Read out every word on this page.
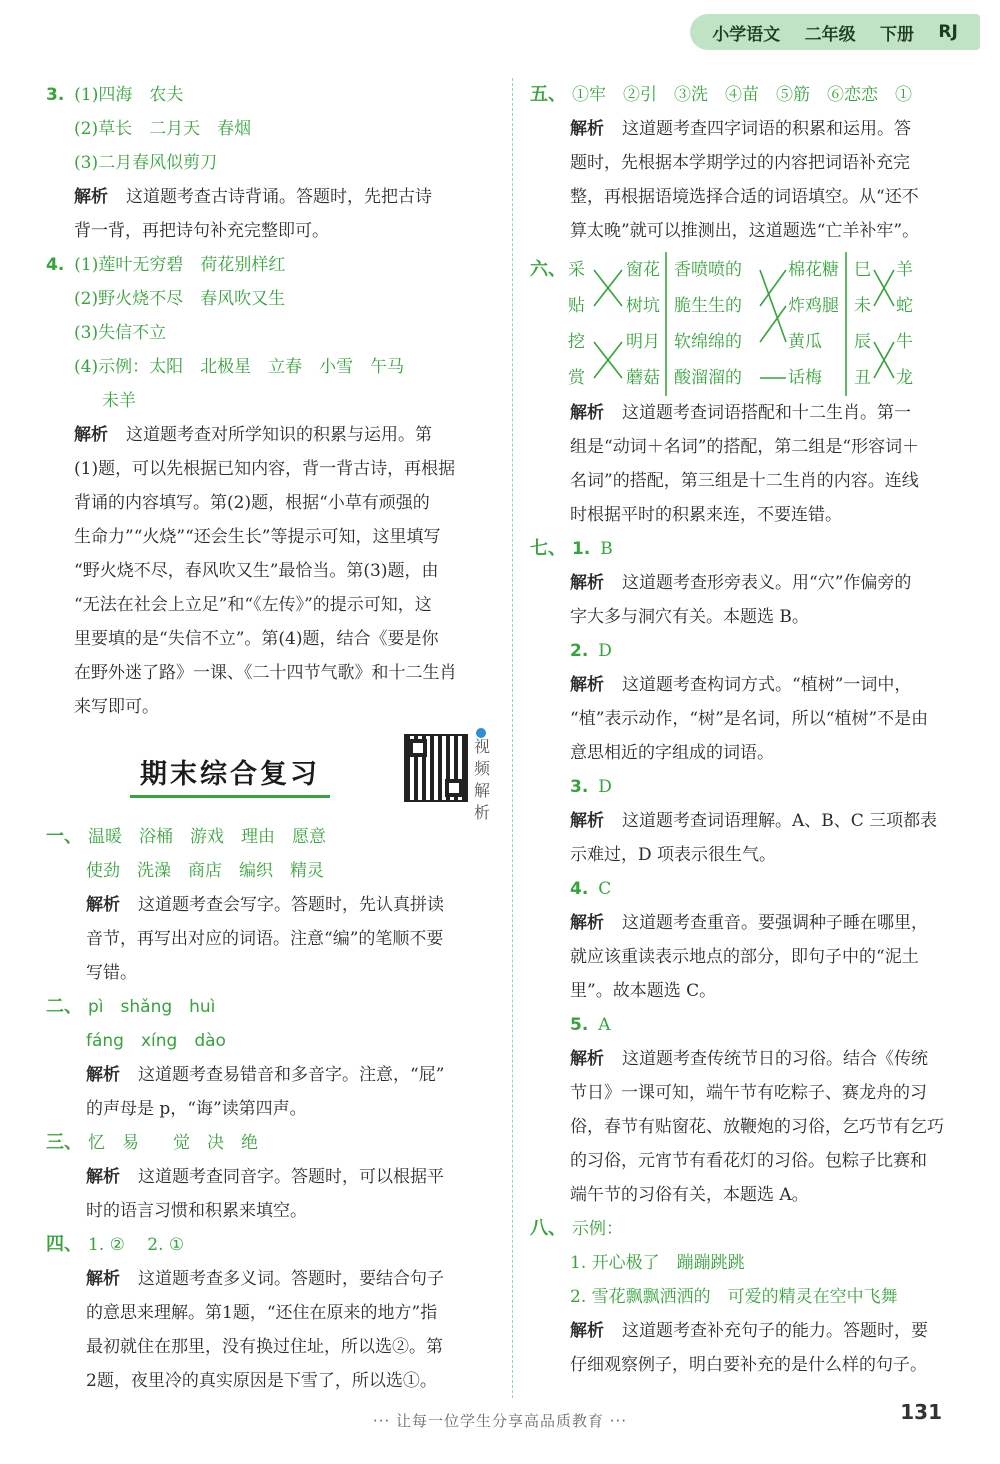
小学语文 二年级 下册 RJ
3. (1)四海　农夫
(2)草长　二月天　春烟
(3)二月春风似剪刀
解析 这道题考查古诗背诵。答题时，先把古诗
背一背，再把诗句补充完整即可。
4. (1)莲叶无穷碧　荷花别样红
(2)野火烧不尽　春风吹又生
(3)失信不立
(4)示例：太阳　北极星　立春　小雪　午马
未羊
解析 这道题考查对所学知识的积累与运用。第
(1)题，可以先根据已知内容，背一背古诗，再根据
背诵的内容填写。第(2)题，根据“小草有顽强的
生命力”“火烧”“还会生长”等提示可知，这里填写
“野火烧不尽，春风吹又生”最恰当。第(3)题，由
“无法在社会上立足”和“《左传》”的提示可知，这
里要填的是“失信不立”。第(4)题，结合《要是你
在野外迷了路》一课、《二十四节气歌》和十二生肖
来写即可。
期末综合复习
视频解析
一、 温暖　浴桶　游戏　理由　愿意
使劲　洗澡　商店　编织　精灵
解析 这道题考查会写字。答题时，先认真拼读
音节，再写出对应的词语。注意“编”的笔顺不要
写错。
二、 pì　shǎng　huì
fáng　xíng　dào
解析 这道题考查易错音和多音字。注意，“屁”
的声母是 p，“诲”读第四声。
三、 忆　易　　觉　决　绝
解析 这道题考查同音字。答题时，可以根据平
时的语言习惯和积累来填空。
四、 1. ②　 2. ①
解析 这道题考查多义词。答题时，要结合句子
的意思来理解。第1题，“还住在原来的地方”指
最初就住在那里，没有换过住址，所以选②。第
2题，夜里冷的真实原因是下雪了，所以选①。
五、 ①牢　②引　③洗　④苗　⑤筋　⑥恋恋　①
解析 这道题考查四字词语的积累和运用。答
题时，先根据本学期学过的内容把词语补充完
整，再根据语境选择合适的词语填空。从“还不
算太晚”就可以推测出，这道题选“亡羊补牢”。
六、 采
贴
挖
赏
窗花
树坑
明月
蘑菇
香喷喷的
脆生生的
软绵绵的
酸溜溜的
棉花糖
炸鸡腿
黄瓜
话梅
巳
未
辰
丑
羊
蛇
牛
龙
解析 这道题考查词语搭配和十二生肖。第一
组是“动词＋名词”的搭配，第二组是“形容词＋
名词”的搭配，第三组是十二生肖的内容。连线
时根据平时的积累来连，不要连错。
七、 1. B
解析 这道题考查形旁表义。用“穴”作偏旁的
字大多与洞穴有关。本题选 B。
2. D
解析 这道题考查构词方式。“植树”一词中，
“植”表示动作，“树”是名词，所以“植树”不是由
意思相近的字组成的词语。
3. D
解析 这道题考查词语理解。A、B、C 三项都表
示难过，D 项表示很生气。
4. C
解析 这道题考查重音。要强调种子睡在哪里，
就应该重读表示地点的部分，即句子中的“泥土
里”。故本题选 C。
5. A
解析 这道题考查传统节日的习俗。结合《传统
节日》一课可知，端午节有吃粽子、赛龙舟的习
俗，春节有贴窗花、放鞭炮的习俗，乞巧节有乞巧
的习俗，元宵节有看花灯的习俗。包粽子比赛和
端午节的习俗有关，本题选 A。
八、 示例：
1. 开心极了　蹦蹦跳跳
2. 雪花飘飘洒洒的　可爱的精灵在空中飞舞
解析 这道题考查补充句子的能力。答题时，要
仔细观察例子，明白要补充的是什么样的句子。
··· 让每一位学生分享高品质教育 ···	131
